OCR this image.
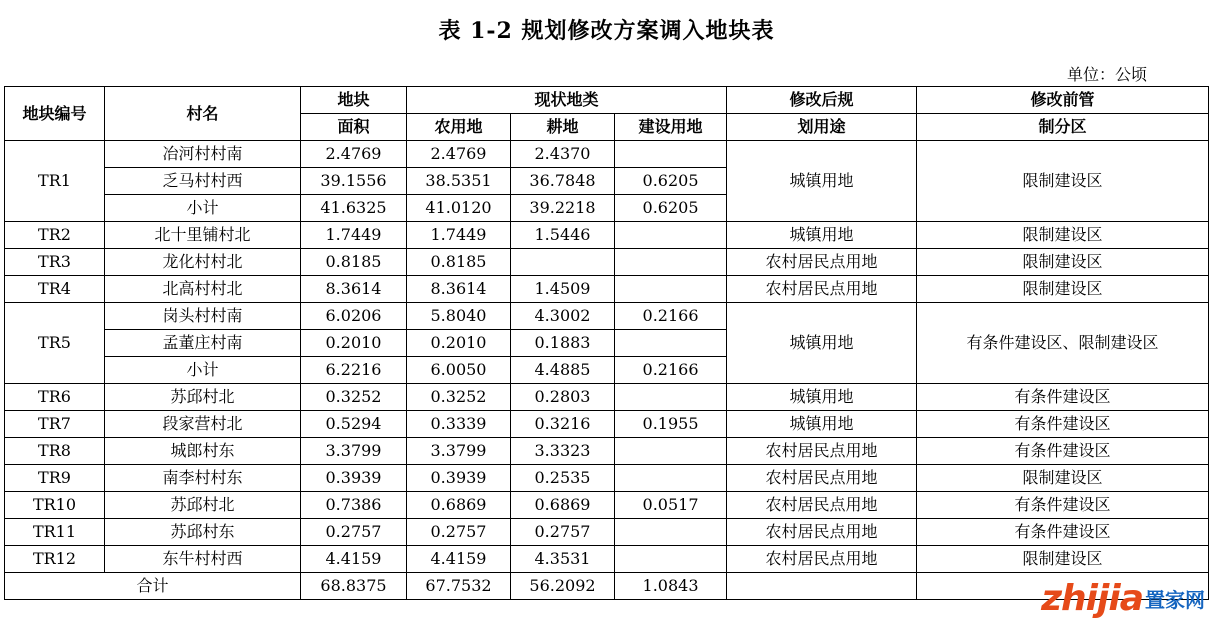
表 1-2 规划修改方案调入地块表
单位：公顷
地块编号	村名	地块	现状地类			修改后规	修改前管
		面积	农用地	耕地	建设用地	划用途	制分区
TR1	冶河村村南	2.4769	2.4769	2.4370		城镇用地	限制建设区
	乏马村村西	39.1556	38.5351	36.7848	0.6205		
	小计	41.6325	41.0120	39.2218	0.6205		
TR2	北十里铺村北	1.7449	1.7449	1.5446		城镇用地	限制建设区
TR3	龙化村村北	0.8185	0.8185			农村居民点用地	限制建设区
TR4	北高村村北	8.3614	8.3614	1.4509		农村居民点用地	限制建设区
TR5	岗头村村南	6.0206	5.8040	4.3002	0.2166	城镇用地	有条件建设区、限制建设区
	孟董庄村南	0.2010	0.2010	0.1883			
	小计	6.2216	6.0050	4.4885	0.2166		
TR6	苏邱村北	0.3252	0.3252	0.2803		城镇用地	有条件建设区
TR7	段家营村北	0.5294	0.3339	0.3216	0.1955	城镇用地	有条件建设区
TR8	城郎村东	3.3799	3.3799	3.3323		农村居民点用地	有条件建设区
TR9	南李村村东	0.3939	0.3939	0.2535		农村居民点用地	限制建设区
TR10	苏邱村北	0.7386	0.6869	0.6869	0.0517	农村居民点用地	有条件建设区
TR11	苏邱村东	0.2757	0.2757	0.2757		农村居民点用地	有条件建设区
TR12	东牛村村西	4.4159	4.4159	4.3531		农村居民点用地	限制建设区
合计		68.8375	67.7532	56.2092	1.0843			zhijia 置家网
